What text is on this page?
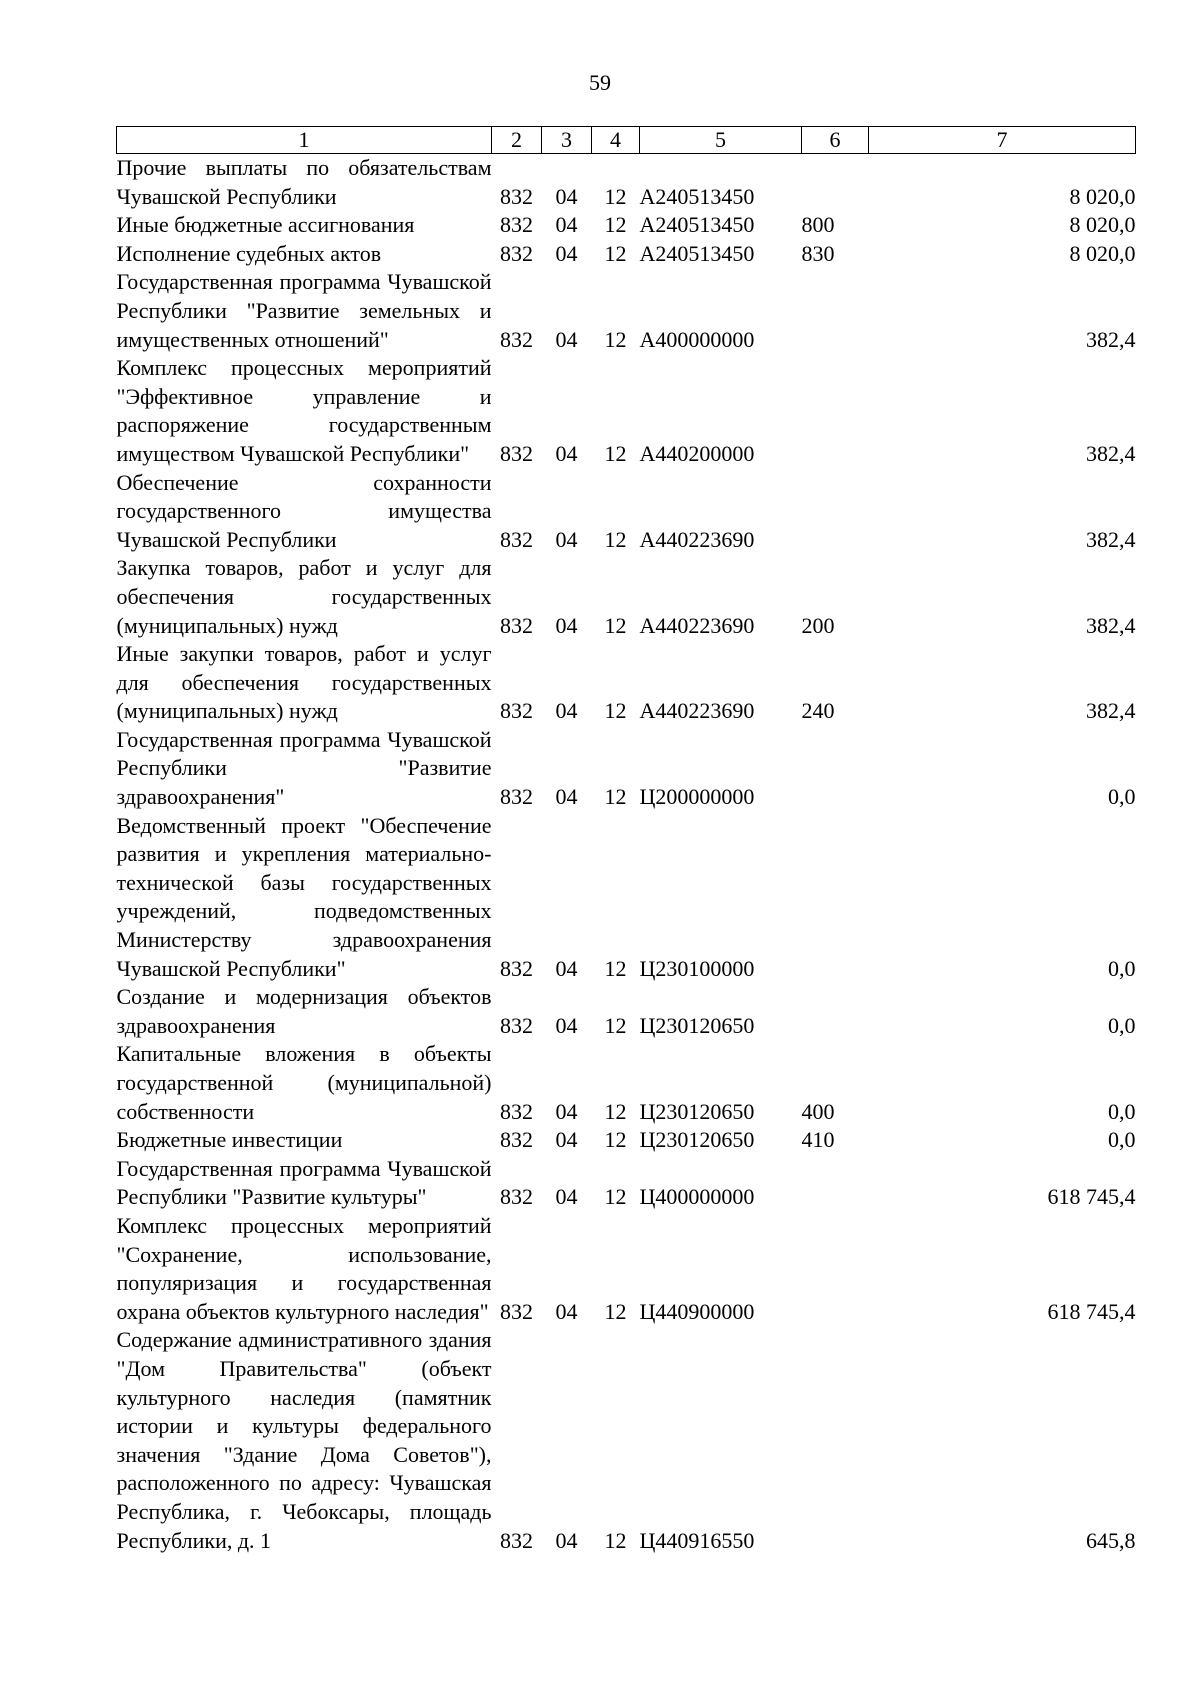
59
1	2	3	4	5	6	7
Прочие выплаты по обязательствам Чувашской Республики	832	04	12	А240513450		8 020,0
Иные бюджетные ассигнования	832	04	12	А240513450	800	8 020,0
Исполнение судебных актов	832	04	12	А240513450	830	8 020,0
Государственная программа Чувашской Республики "Развитие земельных и имущественных отношений"	832	04	12	А400000000		382,4
Комплекс процессных мероприятий "Эффективное управление и распоряжение государственным имуществом Чувашской Республики"	832	04	12	А440200000		382,4
Обеспечение сохранности государственного имущества Чувашской Республики	832	04	12	А440223690		382,4
Закупка товаров, работ и услуг для обеспечения государственных (муниципальных) нужд	832	04	12	А440223690	200	382,4
Иные закупки товаров, работ и услуг для обеспечения государственных (муниципальных) нужд	832	04	12	А440223690	240	382,4
Государственная программа Чувашской Республики "Развитие здравоохранения"	832	04	12	Ц200000000		0,0
Ведомственный проект "Обеспечение развития и укрепления материально-технической базы государственных учреждений, подведомственных Министерству здравоохранения Чувашской Республики"	832	04	12	Ц230100000		0,0
Создание и модернизация объектов здравоохранения	832	04	12	Ц230120650		0,0
Капитальные вложения в объекты государственной (муниципальной) собственности	832	04	12	Ц230120650	400	0,0
Бюджетные инвестиции	832	04	12	Ц230120650	410	0,0
Государственная программа Чувашской Республики "Развитие культуры"	832	04	12	Ц400000000		618 745,4
Комплекс процессных мероприятий "Сохранение, использование, популяризация и государственная охрана объектов культурного наследия"	832	04	12	Ц440900000		618 745,4
Содержание административного здания "Дом Правительства" (объект культурного наследия (памятник истории и культуры федерального значения "Здание Дома Советов"), расположенного по адресу: Чувашская Республика, г. Чебоксары, площадь Республики, д. 1	832	04	12	Ц440916550		645,8
